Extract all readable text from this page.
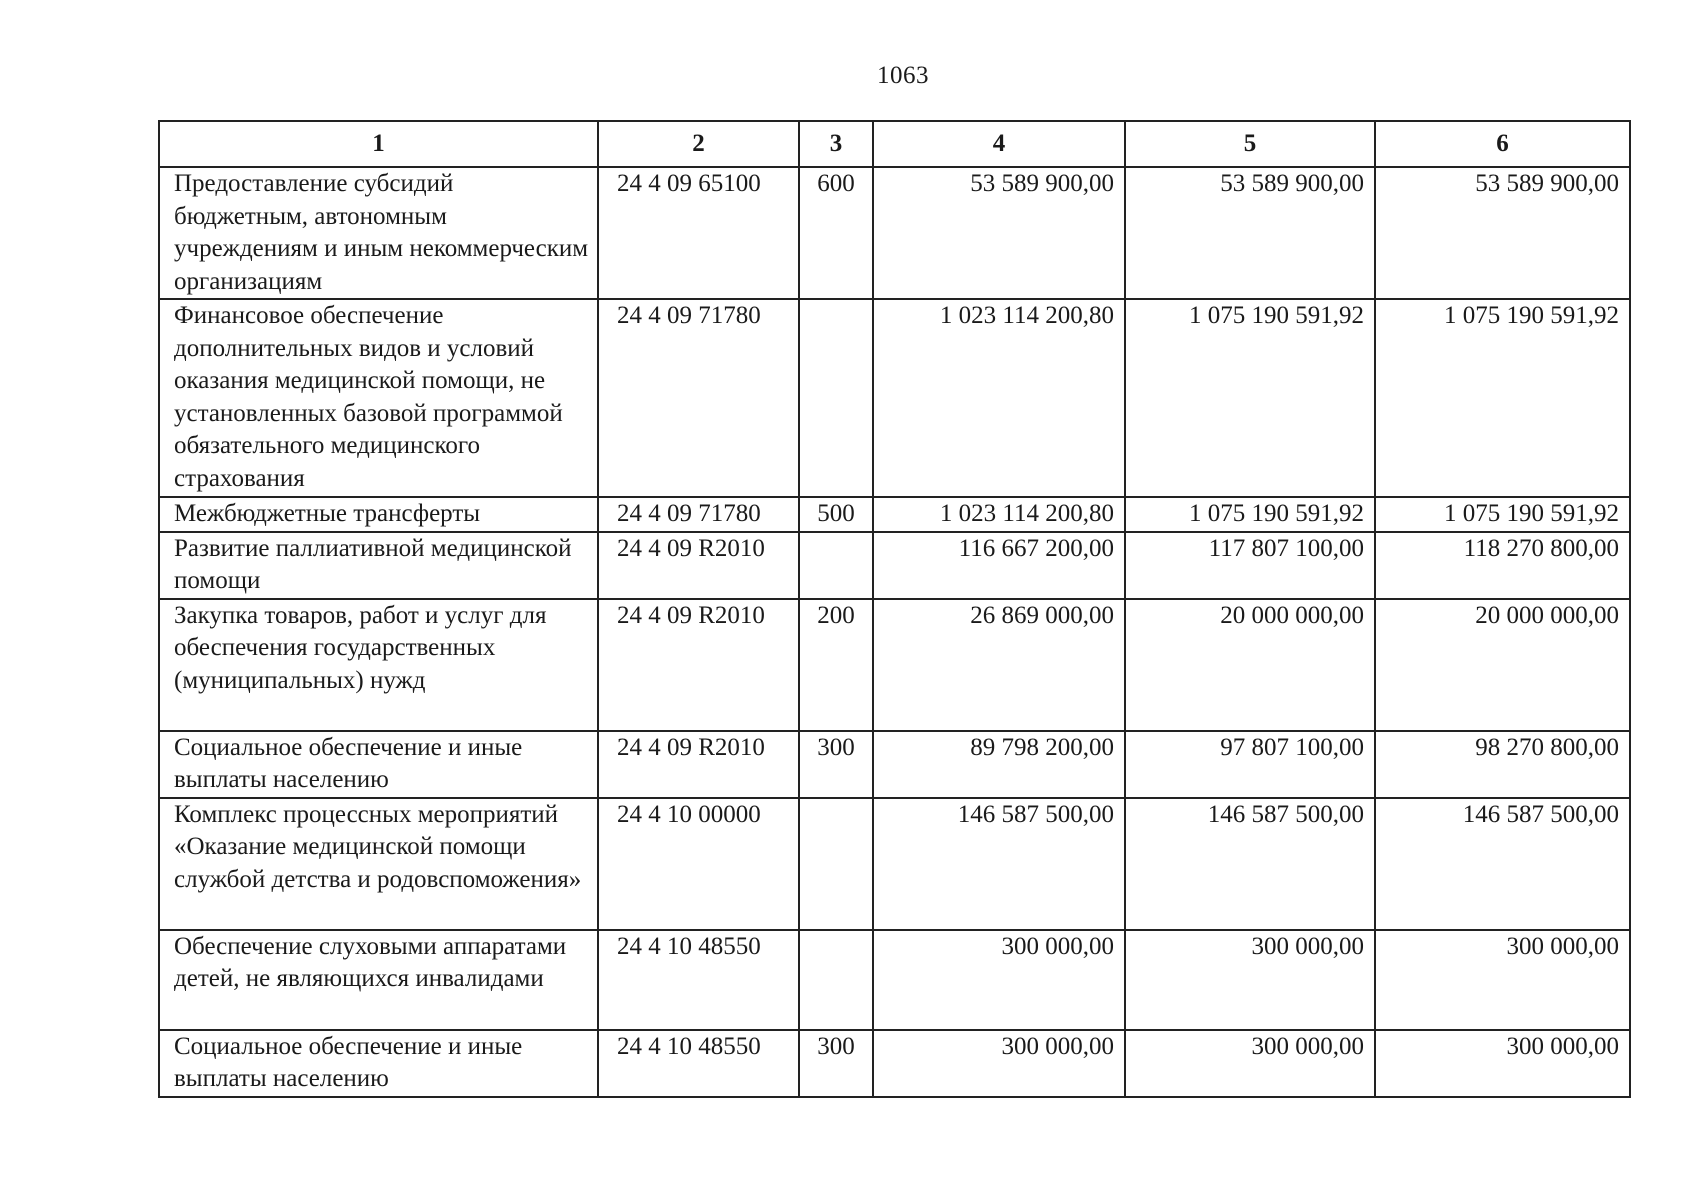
1063
1	2	3	4	5	6
Предоставление субсидий бюджетным, автономным учреждениям и иным некоммерческим организациям	24 4 09 65100	600	53 589 900,00	53 589 900,00	53 589 900,00
Финансовое обеспечение дополнительных видов и условий оказания медицинской помощи, не установленных базовой программой обязательного медицинского страхования	24 4 09 71780		1 023 114 200,80	1 075 190 591,92	1 075 190 591,92
Межбюджетные трансферты	24 4 09 71780	500	1 023 114 200,80	1 075 190 591,92	1 075 190 591,92
Развитие паллиативной медицинской помощи	24 4 09 R2010		116 667 200,00	117 807 100,00	118 270 800,00
Закупка товаров, работ и услуг для обеспечения государственных (муниципальных) нужд	24 4 09 R2010	200	26 869 000,00	20 000 000,00	20 000 000,00
Социальное обеспечение и иные выплаты населению	24 4 09 R2010	300	89 798 200,00	97 807 100,00	98 270 800,00
Комплекс процессных мероприятий «Оказание медицинской помощи службой детства и родовспоможения»	24 4 10 00000		146 587 500,00	146 587 500,00	146 587 500,00
Обеспечение слуховыми аппаратами детей, не являющихся инвалидами	24 4 10 48550		300 000,00	300 000,00	300 000,00
Социальное обеспечение и иные выплаты населению	24 4 10 48550	300	300 000,00	300 000,00	300 000,00
